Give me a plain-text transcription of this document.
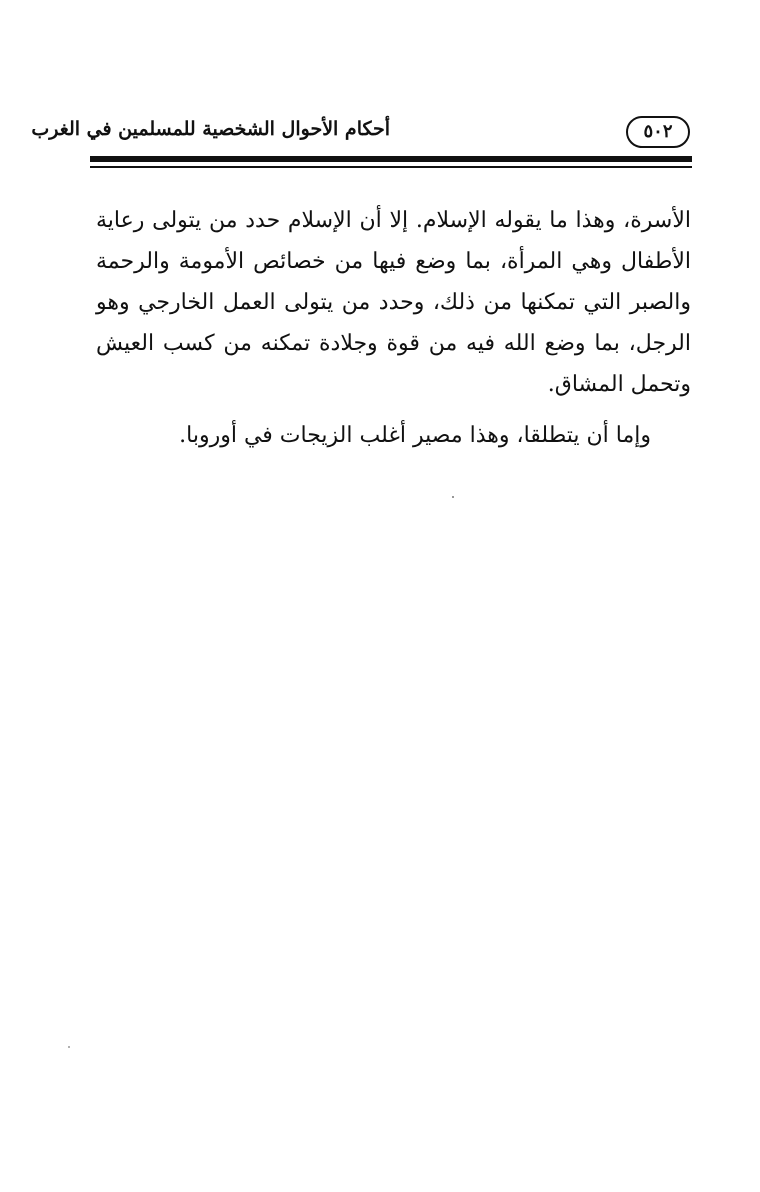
٥٠٢
أحكام الأحوال الشخصية للمسلمين في الغرب

الأسرة، وهذا ما يقوله الإسلام. إلا أن الإسلام حدد من يتولى رعاية الأطفال وهي المرأة، بما وضع فيها من خصائص الأمومة والرحمة والصبر التي تمكنها من ذلك، وحدد من يتولى العمل الخارجي وهو الرجل، بما وضع الله فيه من قوة وجلادة تمكنه من كسب العيش وتحمل المشاق.

وإما أن يتطلقا، وهذا مصير أغلب الزيجات في أوروبا.
